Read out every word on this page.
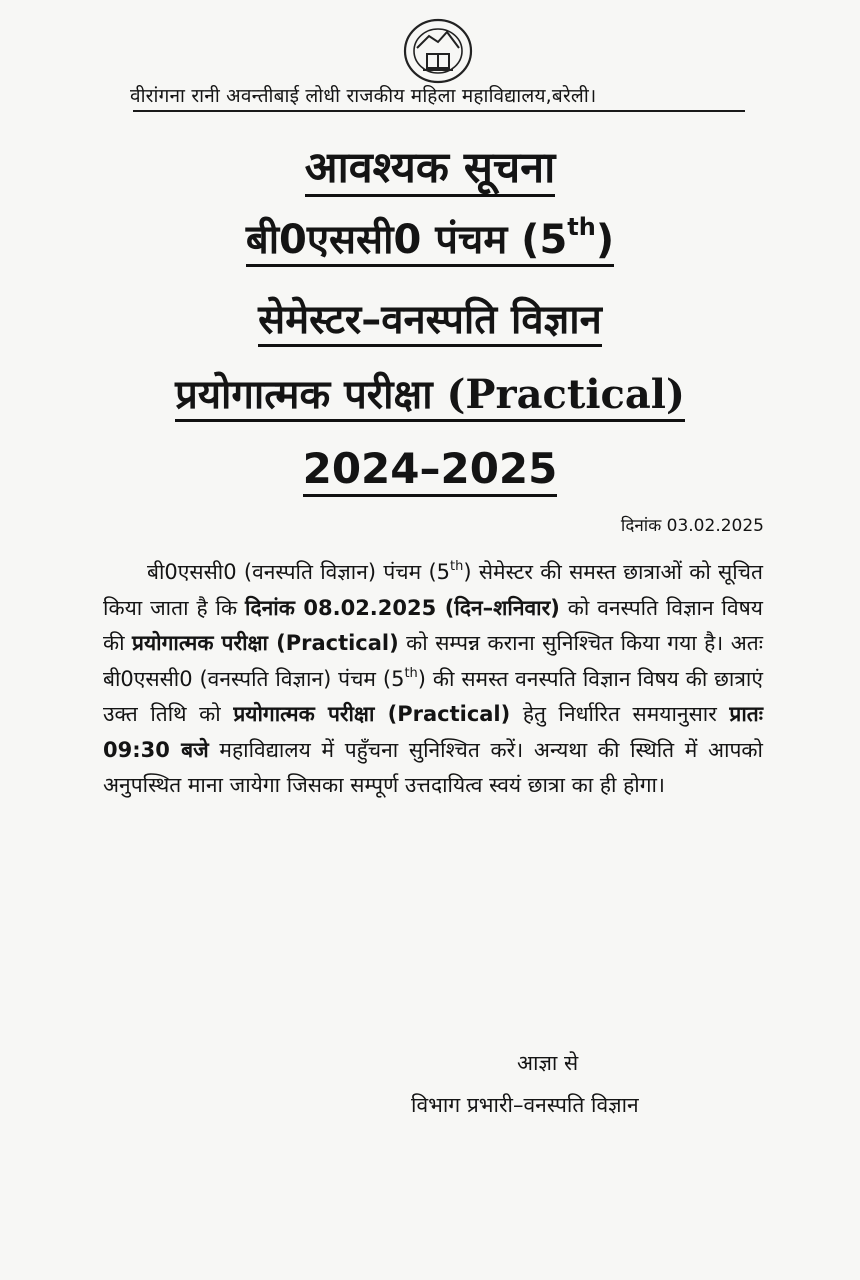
वीरांगना रानी अवन्तीबाई लोधी राजकीय महिला महाविद्यालय,बरेली।
आवश्यक सूचना
बी0एससी0 पंचम (5th)
सेमेस्टर–वनस्पति विज्ञान
प्रयोगात्मक परीक्षा (Practical)
2024–2025
दिनांक 03.02.2025
बी0एससी0 (वनस्पति विज्ञान) पंचम (5th) सेमेस्टर की समस्त छात्राओं को सूचित किया जाता है कि दिनांक 08.02.2025 (दिन–शनिवार) को वनस्पति विज्ञान विषय की प्रयोगात्मक परीक्षा (Practical) को सम्पन्न कराना सुनिश्चित किया गया है। अतः बी0एससी0 (वनस्पति विज्ञान) पंचम (5th) की समस्त वनस्पति विज्ञान विषय की छात्राएं उक्त तिथि को प्रयोगात्मक परीक्षा (Practical) हेतु निर्धारित समयानुसार प्रातः 09:30 बजे महाविद्यालय में पहुँचना सुनिश्चित करें। अन्यथा की स्थिति में आपको अनुपस्थित माना जायेगा जिसका सम्पूर्ण उत्तदायित्व स्वयं छात्रा का ही होगा।
आज्ञा से
विभाग प्रभारी–वनस्पति विज्ञान
